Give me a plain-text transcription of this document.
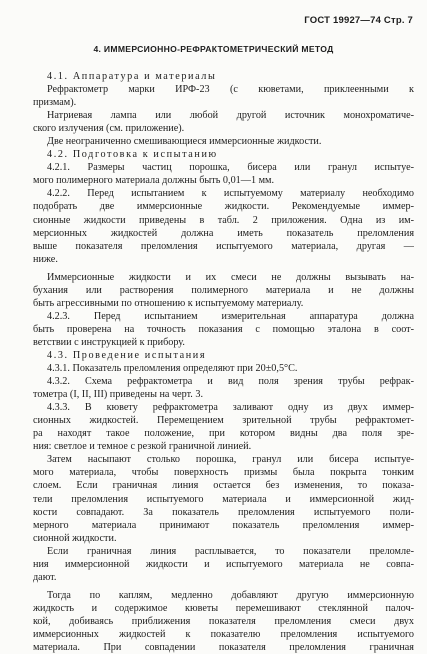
ГОСТ 19927—74 Стр. 7
4. ИММЕРСИОННО-РЕФРАКТОМЕТРИЧЕСКИЙ МЕТОД
4.1. Аппаратура и материалы
Рефрактометр марки ИРФ-23 (с кюветами, приклеенными к
призмам).
Натриевая лампа или любой другой источник монохроматиче-
ского излучения (см. приложение).
Две неограниченно смешивающиеся иммерсионные жидкости.
4.2. Подготовка к испытанию
4.2.1. Размеры частиц порошка, бисера или гранул испытуе-
мого полимерного материала должны быть 0,01—1 мм.
4.2.2. Перед испытанием к испытуемому материалу необходимо
подобрать две иммерсионные жидкости. Рекомендуемые иммер-
сионные жидкости приведены в табл. 2 приложения. Одна из им-
мерсионных жидкостей должна иметь показатель преломления
выше показателя преломления испытуемого материала, другая —
ниже.
Иммерсионные жидкости и их смеси не должны вызывать на-
бухания или растворения полимерного материала и не должны
быть агрессивными по отношению к испытуемому материалу.
4.2.3. Перед испытанием измерительная аппаратура должна
быть проверена на точность показания с помощью эталона в соот-
ветствии с инструкцией к прибору.
4.3. Проведение испытания
4.3.1. Показатель преломления определяют при 20±0,5°С.
4.3.2. Схема рефрактометра и вид поля зрения трубы рефрак-
тометра (I, II, III) приведены на черт. 3.
4.3.3. В кювету рефрактометра заливают одну из двух иммер-
сионных жидкостей. Перемещением зрительной трубы рефрактомет-
ра находят такое положение, при котором видны два поля зре-
ния: светлое и темное с резкой граничной линией.
Затем насыпают столько порошка, гранул или бисера испытуе-
мого материала, чтобы поверхность призмы была покрыта тонким
слоем. Если граничная линия остается без изменения, то показа-
тели преломления испытуемого материала и иммерсионной жид-
кости совпадают. За показатель преломления испытуемого поли-
мерного материала принимают показатель преломления иммер-
сионной жидкости.
Если граничная линия расплывается, то показатели преломле-
ния иммерсионной жидкости и испытуемого материала не совпа-
дают.
Тогда по каплям, медленно добавляют другую иммерсионную
жидкость и содержимое кюветы перемешивают стеклянной палоч-
кой, добиваясь приближения показателя преломления смеси двух
иммерсионных жидкостей к показателю преломления испытуемого
материала. При совпадении показателя преломления граничная
